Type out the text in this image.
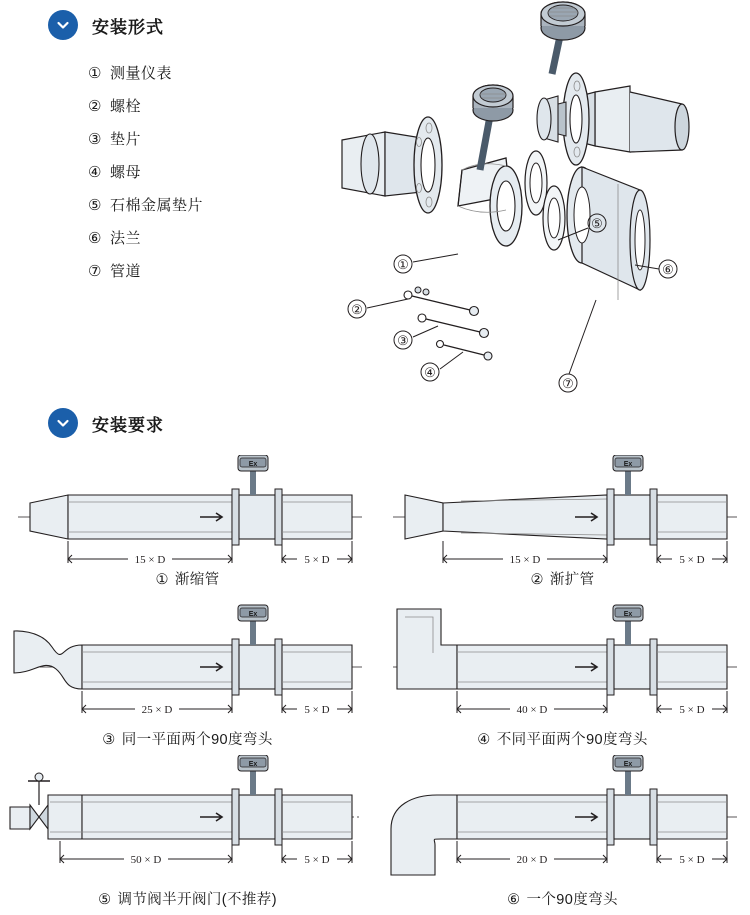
安装形式
① 测量仪表
② 螺栓
③ 垫片
④ 螺母
⑤ 石棉金属垫片
⑥ 法兰
⑦ 管道	①
②
③
④
⑤
⑥
⑦
安装要求
Ex
15 × D	5 × D
① 渐缩管
Ex
15 × D	5 × D
② 渐扩管
Ex
25 × D	5 × D
③ 同一平面两个90度弯头
Ex
40 × D	5 × D
④ 不同平面两个90度弯头
Ex
50 × D	5 × D
⑤ 调节阀半开阀门(不推荐)
Ex
20 × D	5 × D
⑥ 一个90度弯头
